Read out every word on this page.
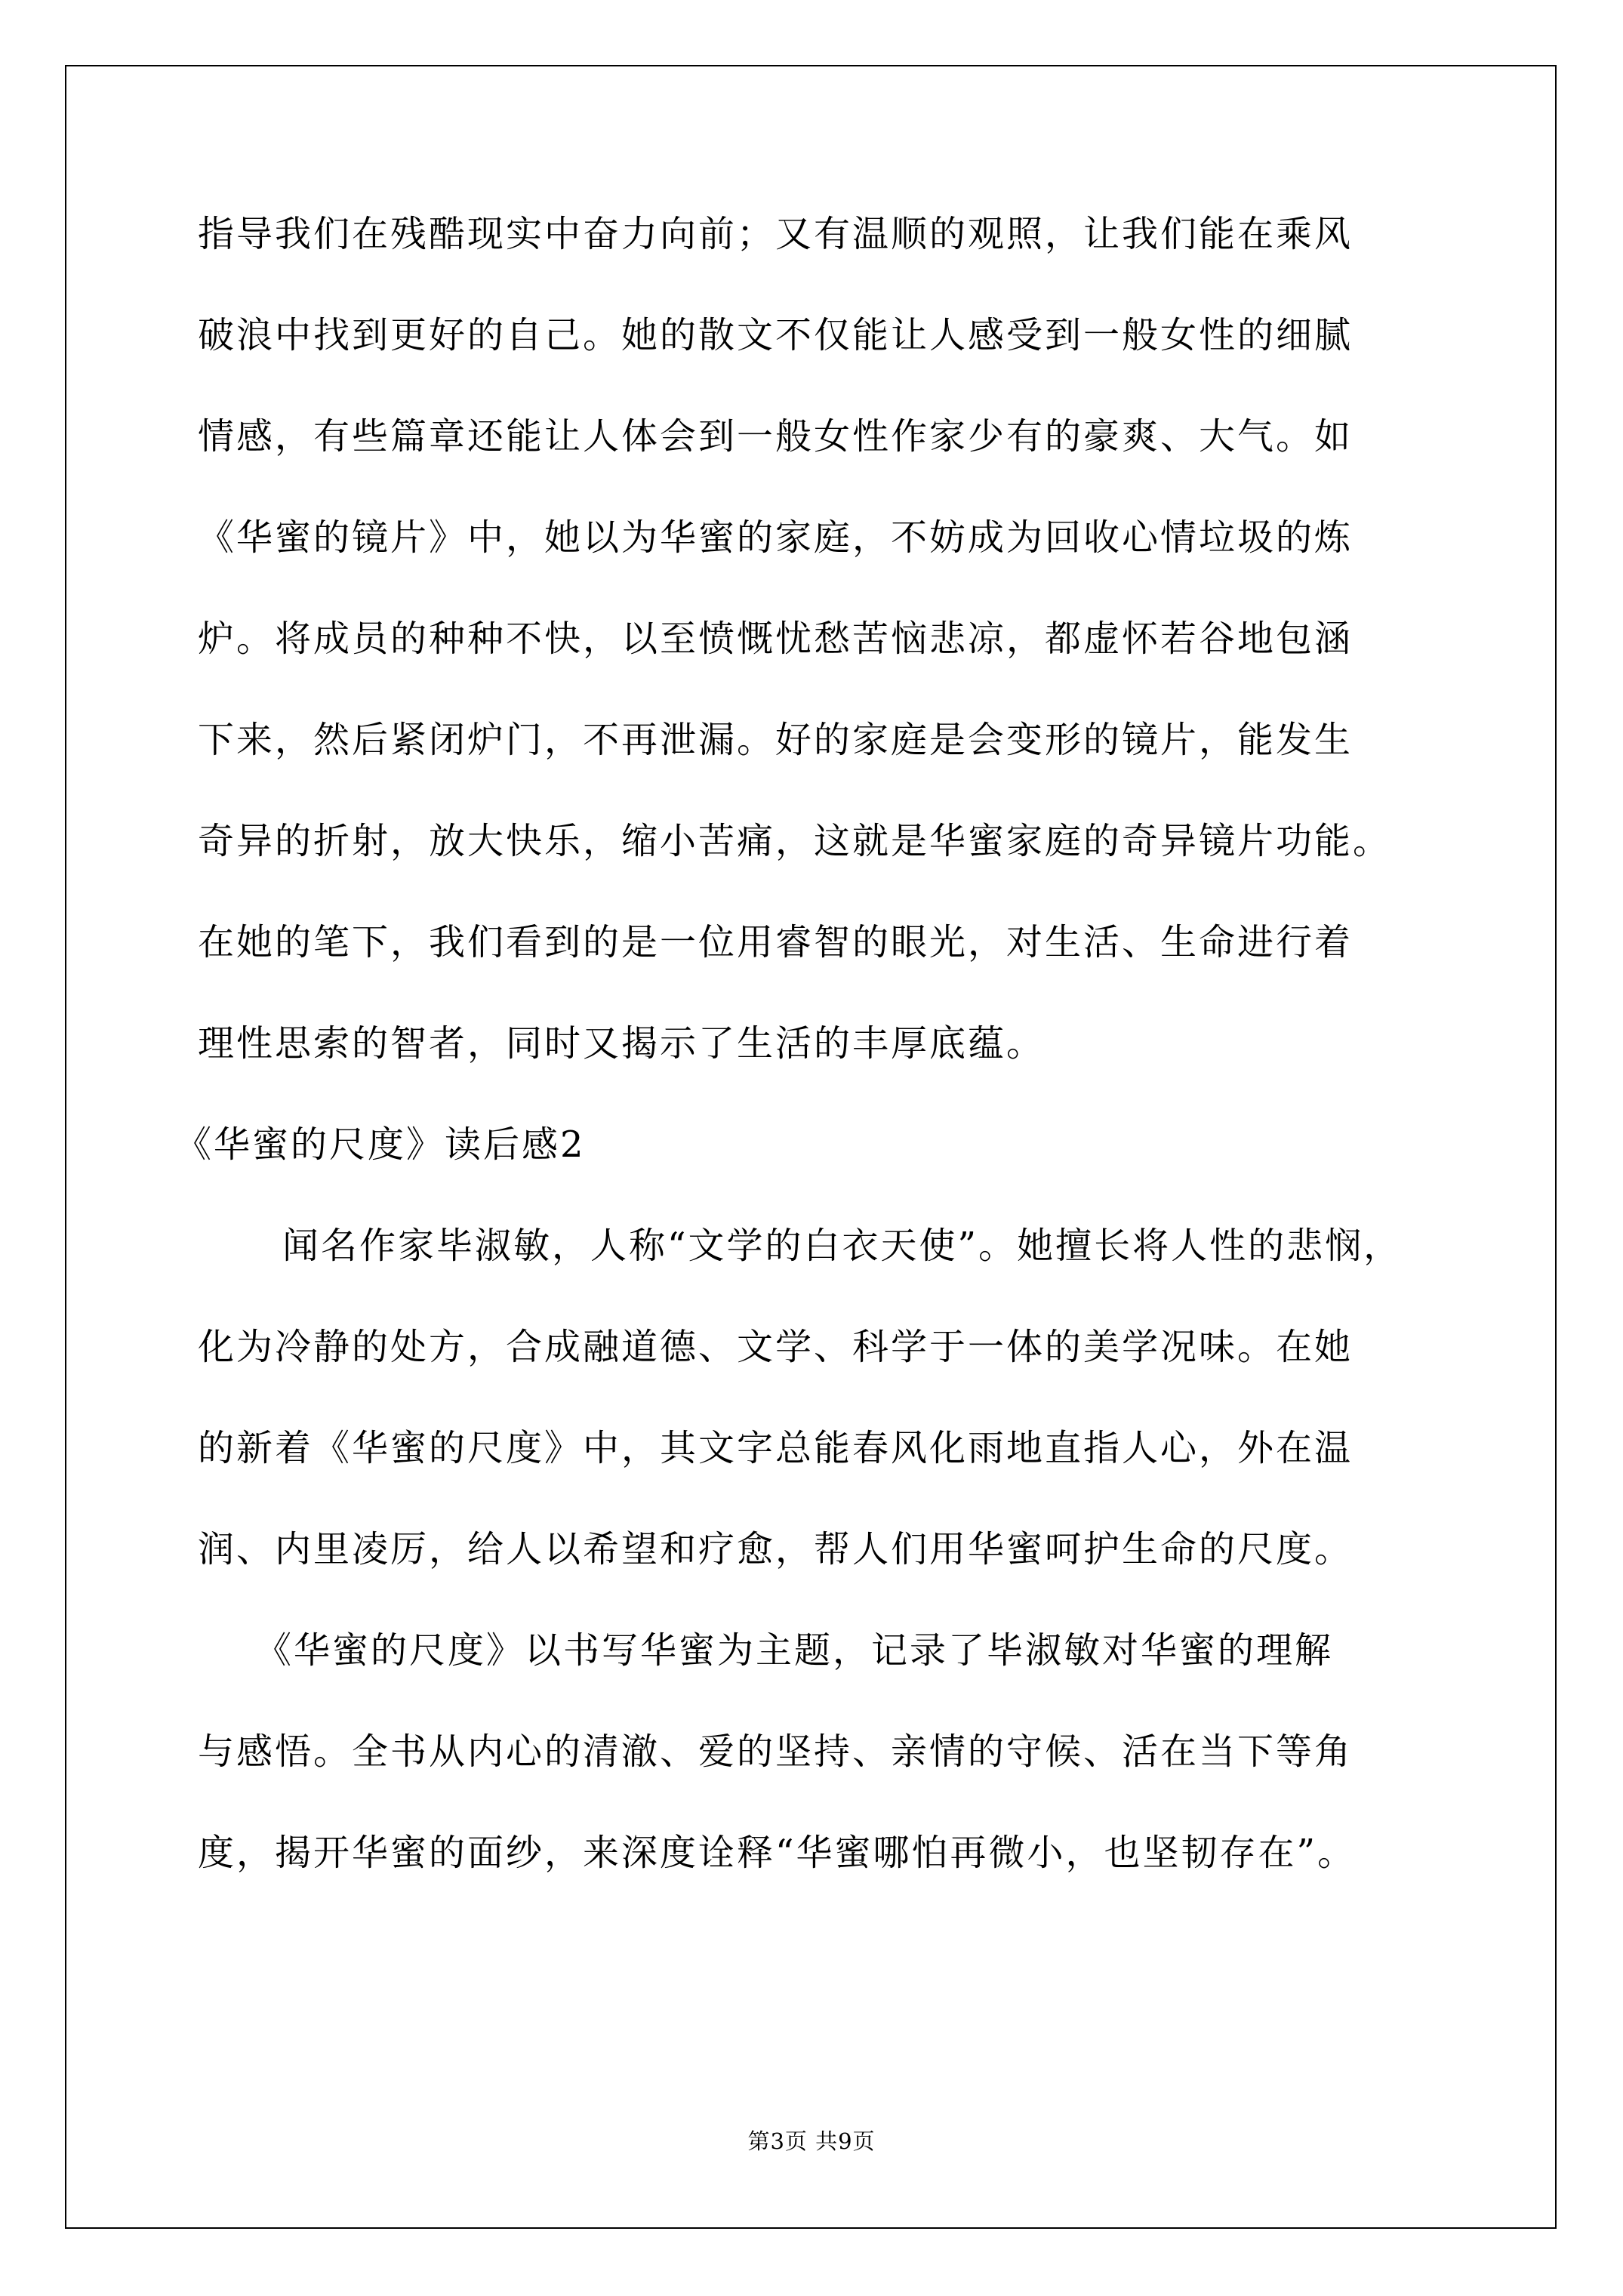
指导我们在残酷现实中奋力向前；又有温顺的观照，让我们能在乘风
破浪中找到更好的自己。她的散文不仅能让人感受到一般女性的细腻
情感，有些篇章还能让人体会到一般女性作家少有的豪爽、大气。如
《华蜜的镜片》中，她以为华蜜的家庭，不妨成为回收心情垃圾的炼
炉。将成员的种种不快，以至愤慨忧愁苦恼悲凉，都虚怀若谷地包涵
下来，然后紧闭炉门，不再泄漏。好的家庭是会变形的镜片，能发生
奇异的折射，放大快乐，缩小苦痛，这就是华蜜家庭的奇异镜片功能。
在她的笔下，我们看到的是一位用睿智的眼光，对生活、生命进行着
理性思索的智者，同时又揭示了生活的丰厚底蕴。
《华蜜的尺度》读后感2
闻名作家毕淑敏，人称“文学的白衣天使”。她擅长将人性的悲悯，
化为冷静的处方，合成融道德、文学、科学于一体的美学况味。在她
的新着《华蜜的尺度》中，其文字总能春风化雨地直指人心，外在温
润、内里凌厉，给人以希望和疗愈，帮人们用华蜜呵护生命的尺度。
《华蜜的尺度》以书写华蜜为主题，记录了毕淑敏对华蜜的理解
与感悟。全书从内心的清澈、爱的坚持、亲情的守候、活在当下等角
度，揭开华蜜的面纱，来深度诠释“华蜜哪怕再微小，也坚韧存在”。
第3页 共9页
